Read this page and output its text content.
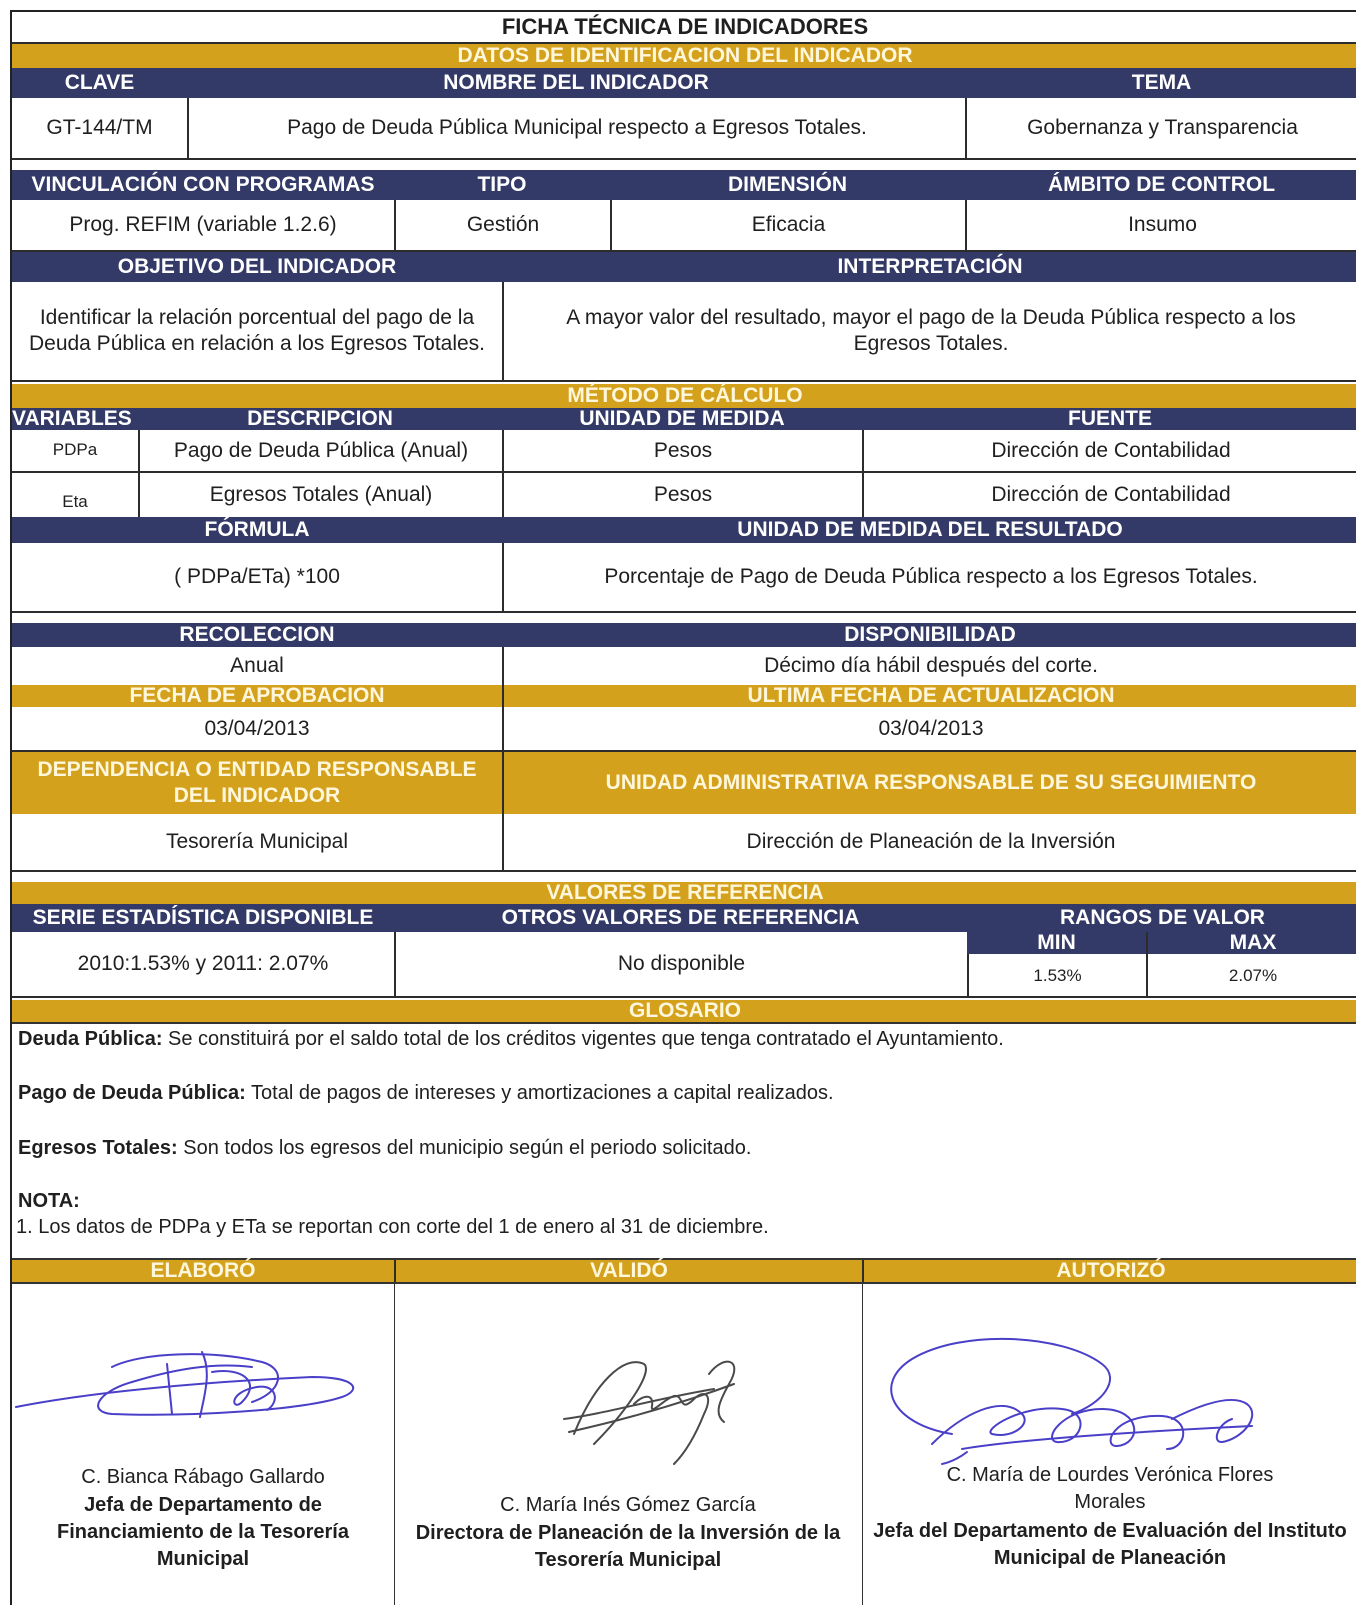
FICHA TÉCNICA DE INDICADORES
DATOS DE IDENTIFICACION DEL INDICADOR
CLAVE	NOMBRE DEL INDICADOR	TEMA
GT-144/TM	Pago de Deuda Pública Municipal respecto a Egresos Totales.	Gobernanza y Transparencia
VINCULACIÓN CON PROGRAMAS	TIPO	DIMENSIÓN	ÁMBITO DE CONTROL
Prog. REFIM (variable 1.2.6)	Gestión	Eficacia	Insumo
OBJETIVO DEL INDICADOR	INTERPRETACIÓN
Identificar la relación porcentual del pago de la Deuda Pública en relación a los Egresos Totales.
A mayor valor del resultado, mayor el pago de la Deuda Pública respecto a los Egresos Totales.
MÉTODO DE CÁLCULO
VARIABLES	DESCRIPCION	UNIDAD DE MEDIDA	FUENTE
PDPa	Pago de Deuda Pública (Anual)	Pesos	Dirección de Contabilidad
Eta	Egresos Totales (Anual)	Pesos	Dirección de Contabilidad
FÓRMULA	UNIDAD DE MEDIDA DEL RESULTADO
( PDPa/ETa) *100	Porcentaje de Pago de Deuda Pública respecto a los Egresos Totales.
RECOLECCION	DISPONIBILIDAD
Anual	Décimo día hábil después del corte.
FECHA DE APROBACION	ULTIMA FECHA DE ACTUALIZACION
03/04/2013	03/04/2013
DEPENDENCIA O ENTIDAD RESPONSABLE DEL INDICADOR
UNIDAD ADMINISTRATIVA RESPONSABLE DE SU SEGUIMIENTO
Tesorería Municipal	Dirección de Planeación de la Inversión
VALORES DE REFERENCIA
SERIE ESTADÍSTICA DISPONIBLE	OTROS VALORES DE REFERENCIA	RANGOS DE VALOR
2010:1.53% y 2011: 2.07%	No disponible
MIN	MAX
1.53%	2.07%
GLOSARIO
Deuda Pública: Se constituirá por el saldo total de los créditos vigentes que tenga contratado el Ayuntamiento.
Pago de Deuda Pública: Total de pagos de intereses y amortizaciones a capital realizados.
Egresos Totales: Son todos los egresos del municipio según el periodo solicitado.
NOTA:
1. Los datos de PDPa y ETa se reportan con corte del 1 de enero al 31 de diciembre.
ELABORÓ	VALIDÓ	AUTORIZÓ
C. Bianca Rábago Gallardo
Jefa de Departamento de Financiamiento de la Tesorería Municipal
C. María Inés Gómez García
Directora de Planeación de la Inversión de la Tesorería Municipal
C. María de Lourdes Verónica Flores Morales
Jefa del Departamento de Evaluación del Instituto Municipal de Planeación
